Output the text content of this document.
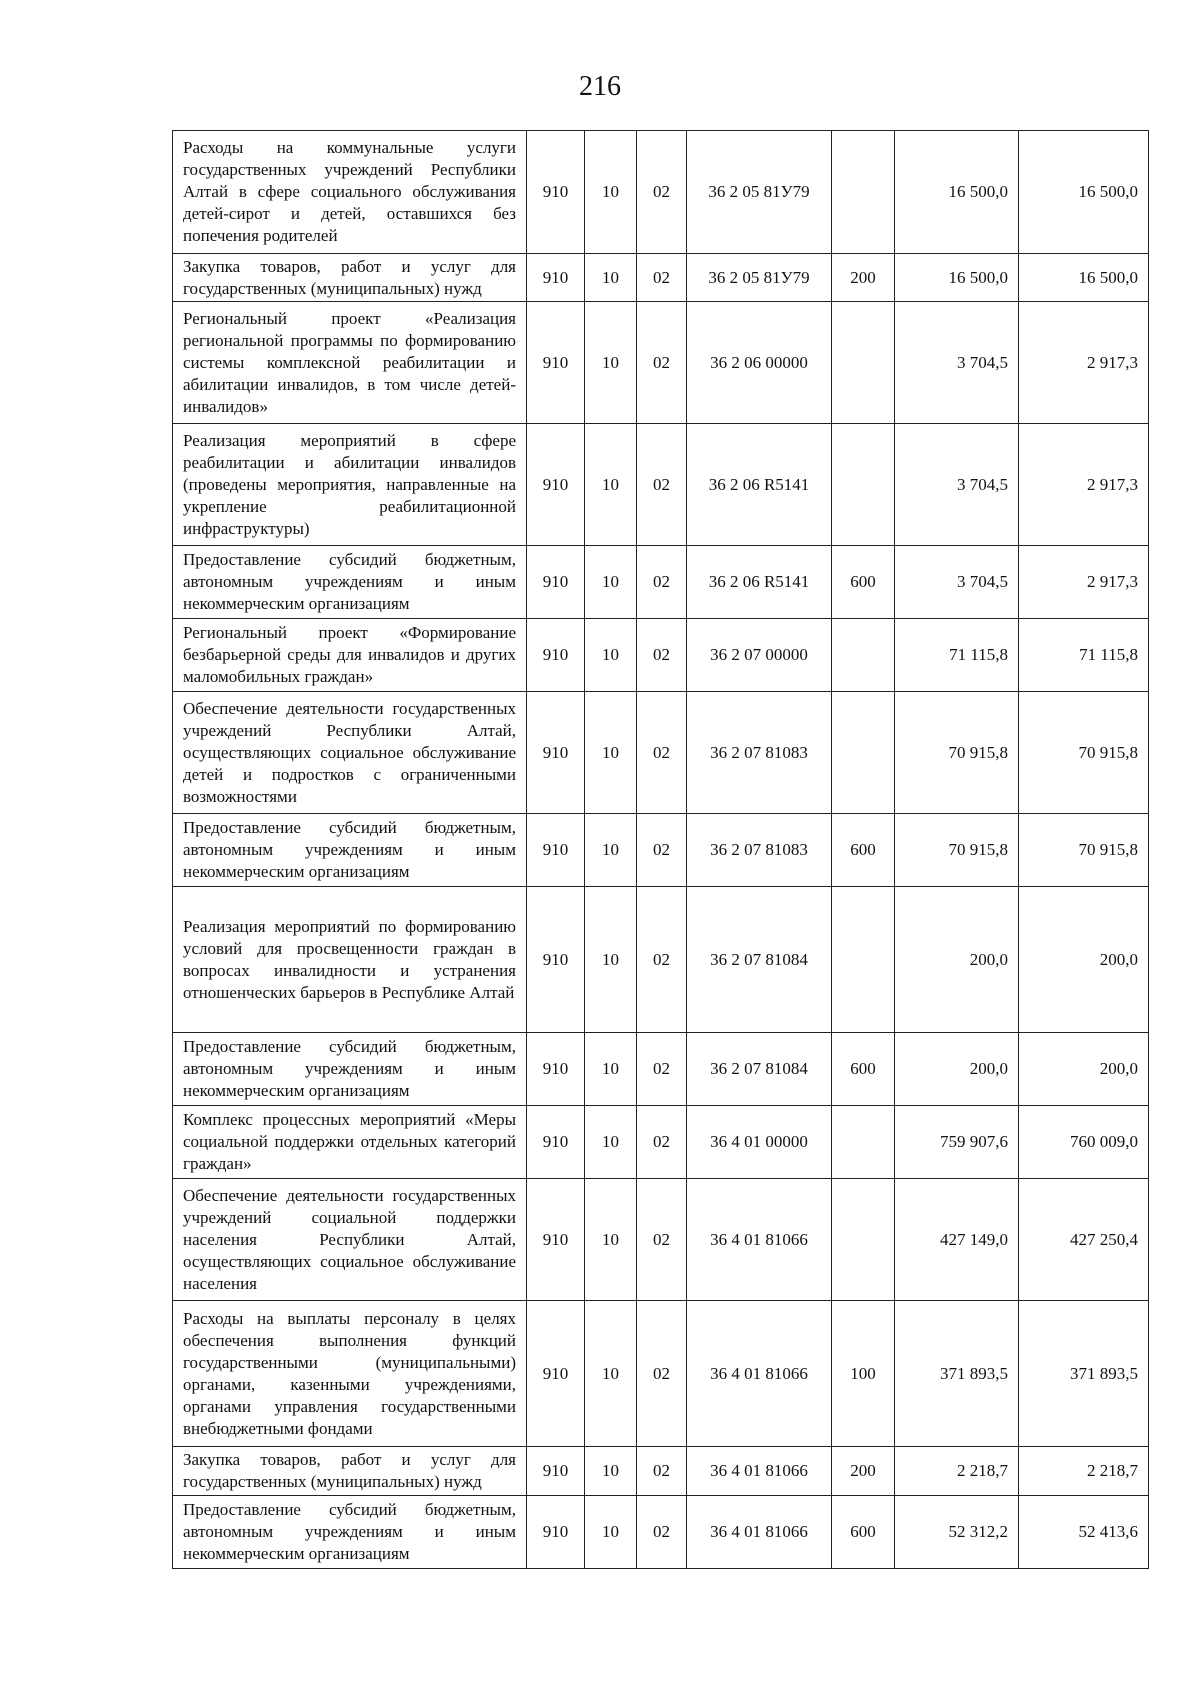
216
Расходы на коммунальные услуги государственных учреждений Республики Алтай в сфере социального обслуживания детей-сирот и детей, оставшихся без попечения родителей	910	10	02	36 2 05 81У79		16 500,0	16 500,0
Закупка товаров, работ и услуг для государственных (муниципальных) нужд	910	10	02	36 2 05 81У79	200	16 500,0	16 500,0
Региональный проект «Реализация региональной программы по формированию системы комплексной реабилитации и абилитации инвалидов, в том числе детей-инвалидов»	910	10	02	36 2 06 00000		3 704,5	2 917,3
Реализация мероприятий в сфере реабилитации и абилитации инвалидов (проведены мероприятия, направленные на укрепление реабилитационной инфраструктуры)	910	10	02	36 2 06 R5141		3 704,5	2 917,3
Предоставление субсидий бюджетным, автономным учреждениям и иным некоммерческим организациям	910	10	02	36 2 06 R5141	600	3 704,5	2 917,3
Региональный проект «Формирование безбарьерной среды для инвалидов и других маломобильных граждан»	910	10	02	36 2 07 00000		71 115,8	71 115,8
Обеспечение деятельности государственных учреждений Республики Алтай, осуществляющих социальное обслуживание детей и подростков с ограниченными возможностями	910	10	02	36 2 07 81083		70 915,8	70 915,8
Предоставление субсидий бюджетным, автономным учреждениям и иным некоммерческим организациям	910	10	02	36 2 07 81083	600	70 915,8	70 915,8
Реализация мероприятий по формированию условий для просвещенности граждан в вопросах инвалидности и устранения отношенческих барьеров в Республике Алтай	910	10	02	36 2 07 81084		200,0	200,0
Предоставление субсидий бюджетным, автономным учреждениям и иным некоммерческим организациям	910	10	02	36 2 07 81084	600	200,0	200,0
Комплекс процессных мероприятий «Меры социальной поддержки отдельных категорий граждан»	910	10	02	36 4 01 00000		759 907,6	760 009,0
Обеспечение деятельности государственных учреждений социальной поддержки населения Республики Алтай, осуществляющих социальное обслуживание населения	910	10	02	36 4 01 81066		427 149,0	427 250,4
Расходы на выплаты персоналу в целях обеспечения выполнения функций государственными (муниципальными) органами, казенными учреждениями, органами управления государственными внебюджетными фондами	910	10	02	36 4 01 81066	100	371 893,5	371 893,5
Закупка товаров, работ и услуг для государственных (муниципальных) нужд	910	10	02	36 4 01 81066	200	2 218,7	2 218,7
Предоставление субсидий бюджетным, автономным учреждениям и иным некоммерческим организациям	910	10	02	36 4 01 81066	600	52 312,2	52 413,6
